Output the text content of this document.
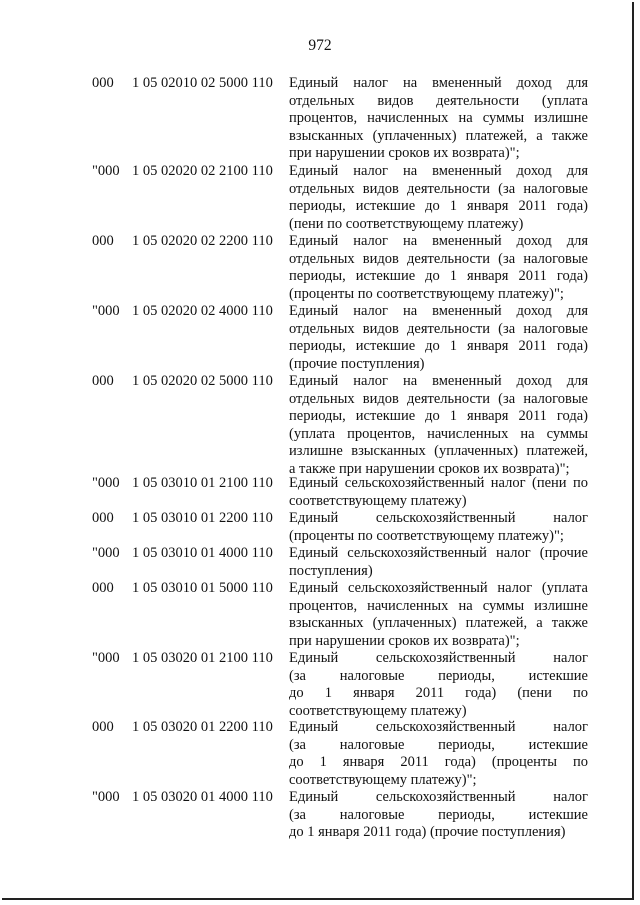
972
000 1 05 02010 02 5000 110 Единый налог на вмененный доход для
отдельных видов деятельности (уплата
процентов, начисленных на суммы излишне
взысканных (уплаченных) платежей, а также
при нарушении сроков их возврата)";
"000 1 05 02020 02 2100 110 Единый налог на вмененный доход для
отдельных видов деятельности (за налоговые
периоды, истекшие до 1 января 2011 года)
(пени по соответствующему платежу)
000 1 05 02020 02 2200 110 Единый налог на вмененный доход для
отдельных видов деятельности (за налоговые
периоды, истекшие до 1 января 2011 года)
(проценты по соответствующему платежу)";
"000 1 05 02020 02 4000 110 Единый налог на вмененный доход для
отдельных видов деятельности (за налоговые
периоды, истекшие до 1 января 2011 года)
(прочие поступления)
000 1 05 02020 02 5000 110 Единый налог на вмененный доход для
отдельных видов деятельности (за налоговые
периоды, истекшие до 1 января 2011 года)
(уплата процентов, начисленных на суммы
излишне взысканных (уплаченных) платежей,
а также при нарушении сроков их возврата)";
"000 1 05 03010 01 2100 110 Единый сельскохозяйственный налог (пени по
соответствующему платежу)
000 1 05 03010 01 2200 110 Единый сельскохозяйственный налог
(проценты по соответствующему платежу)";
"000 1 05 03010 01 4000 110 Единый сельскохозяйственный налог (прочие
поступления)
000 1 05 03010 01 5000 110 Единый сельскохозяйственный налог (уплата
процентов, начисленных на суммы излишне
взысканных (уплаченных) платежей, а также
при нарушении сроков их возврата)";
"000 1 05 03020 01 2100 110 Единый сельскохозяйственный налог
(за налоговые периоды, истекшие
до 1 января 2011 года) (пени по
соответствующему платежу)
000 1 05 03020 01 2200 110 Единый сельскохозяйственный налог
(за налоговые периоды, истекшие
до 1 января 2011 года) (проценты по
соответствующему платежу)";
"000 1 05 03020 01 4000 110 Единый сельскохозяйственный налог
(за налоговые периоды, истекшие
до 1 января 2011 года) (прочие поступления)
